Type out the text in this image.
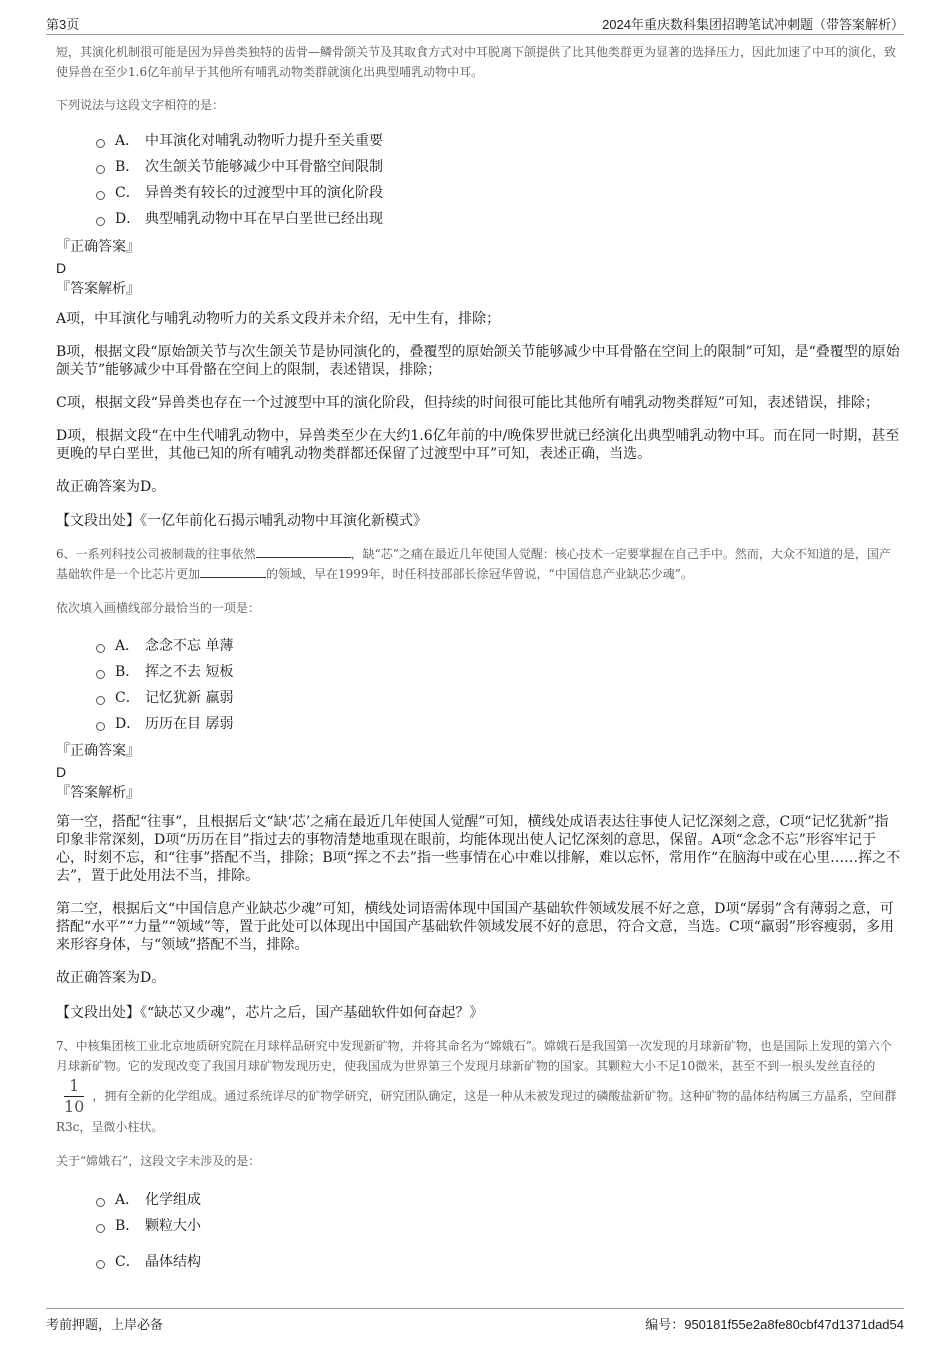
第3页	2024年重庆数科集团招聘笔试冲刺题（带答案解析）
短，其演化机制很可能是因为异兽类独特的齿骨—鳞骨颌关节及其取食方式对中耳脱离下颌提供了比其他类群更为显著的选择压力，因此加速了中耳的演化，致使异兽在至少1.6亿年前早于其他所有哺乳动物类群就演化出典型哺乳动物中耳。
下列说法与这段文字相符的是：
A． 中耳演化对哺乳动物听力提升至关重要
B． 次生颌关节能够减少中耳骨骼空间限制
C． 异兽类有较长的过渡型中耳的演化阶段
D． 典型哺乳动物中耳在早白垩世已经出现
『正确答案』
D
『答案解析』
A项，中耳演化与哺乳动物听力的关系文段并未介绍，无中生有，排除；
B项，根据文段“原始颌关节与次生颌关节是协同演化的，叠覆型的原始颌关节能够减少中耳骨骼在空间上的限制”可知，是“叠覆型的原始颌关节”能够减少中耳骨骼在空间上的限制，表述错误，排除；
C项，根据文段“异兽类也存在一个过渡型中耳的演化阶段，但持续的时间很可能比其他所有哺乳动物类群短”可知，表述错误，排除；
D项，根据文段“在中生代哺乳动物中，异兽类至少在大约1.6亿年前的中/晚侏罗世就已经演化出典型哺乳动物中耳。而在同一时期，甚至更晚的早白垩世，其他已知的所有哺乳动物类群都还保留了过渡型中耳”可知，表述正确，当选。
故正确答案为D。
【文段出处】《一亿年前化石揭示哺乳动物中耳演化新模式》
6、一系列科技公司被制裁的往事依然	，缺“芯”之痛在最近几年使国人觉醒：核心技术一定要掌握在自己手中。然而，大众不知道的是，国产基础软件是一个比芯片更加	的领域，早在1999年，时任科技部部长徐冠华曾说，“中国信息产业缺芯少魂”。
依次填入画横线部分最恰当的一项是：
A． 念念不忘 单薄
B． 挥之不去 短板
C． 记忆犹新 羸弱
D． 历历在目 孱弱
『正确答案』
D
『答案解析』
第一空，搭配“往事”，且根据后文“缺‘芯’之痛在最近几年使国人觉醒”可知，横线处成语表达往事使人记忆深刻之意，C项“记忆犹新”指印象非常深刻，D项“历历在目”指过去的事物清楚地重现在眼前，均能体现出使人记忆深刻的意思，保留。A项“念念不忘”形容牢记于心，时刻不忘，和“往事”搭配不当，排除；B项“挥之不去”指一些事情在心中难以排解，难以忘怀，常用作“在脑海中或在心里……挥之不去”，置于此处用法不当，排除。
第二空，根据后文“中国信息产业缺芯少魂”可知，横线处词语需体现中国国产基础软件领域发展不好之意，D项“孱弱”含有薄弱之意，可搭配“水平”“力量”“领域”等，置于此处可以体现出中国国产基础软件领域发展不好的意思，符合文意，当选。C项“羸弱”形容瘦弱，多用来形容身体，与“领域”搭配不当，排除。
故正确答案为D。
【文段出处】《“缺芯又少魂”，芯片之后，国产基础软件如何奋起？》
7、中核集团核工业北京地质研究院在月球样品研究中发现新矿物，并将其命名为“嫦娥石”。嫦娥石是我国第一次发现的月球新矿物，也是国际上发现的第六个月球新矿物。它的发现改变了我国月球矿物发现历史，使我国成为世界第三个发现月球新矿物的国家。其颗粒大小不足10微米，甚至不到一根头发丝直径的
$\frac{1}{10}$ ，拥有全新的化学组成。通过系统详尽的矿物学研究，研究团队确定，这是一种从未被发现过的磷酸盐新矿物。这种矿物的晶体结构属三方晶系，空间群R3c，呈微小柱状。
关于“嫦娥石”，这段文字未涉及的是：
A． 化学组成
B． 颗粒大小
C． 晶体结构
考前押题，上岸必备	编号：950181f55e2a8fe80cbf47d1371dad54
